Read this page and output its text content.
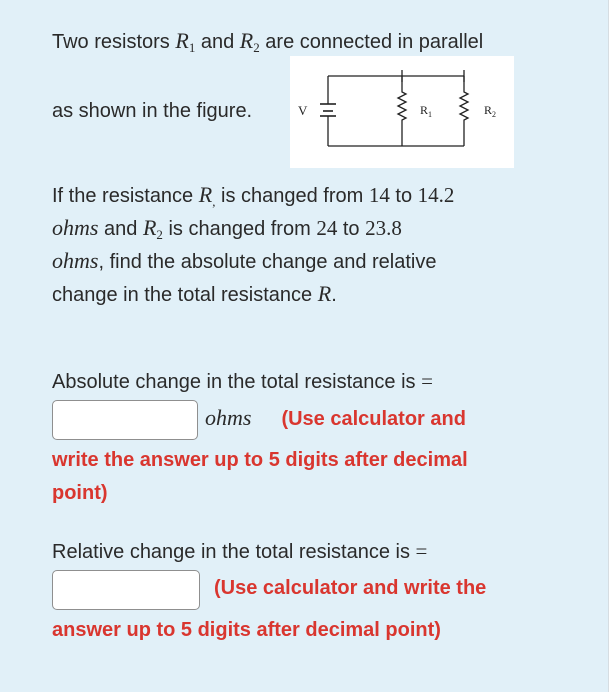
Two resistors $R_1$ and $R_2$ are connected in parallel
as shown in the figure.	V	$R_1$	$R_2$
If the resistance $R_,$ is changed from 14 to 14.2
ohms and $R_2$ is changed from 24 to 23.8
ohms, find the absolute change and relative
change in the total resistance R.
Absolute change in the total resistance is =
ohms (Use calculator and
write the answer up to 5 digits after decimal
point)
Relative change in the total resistance is =
(Use calculator and write the
answer up to 5 digits after decimal point)
